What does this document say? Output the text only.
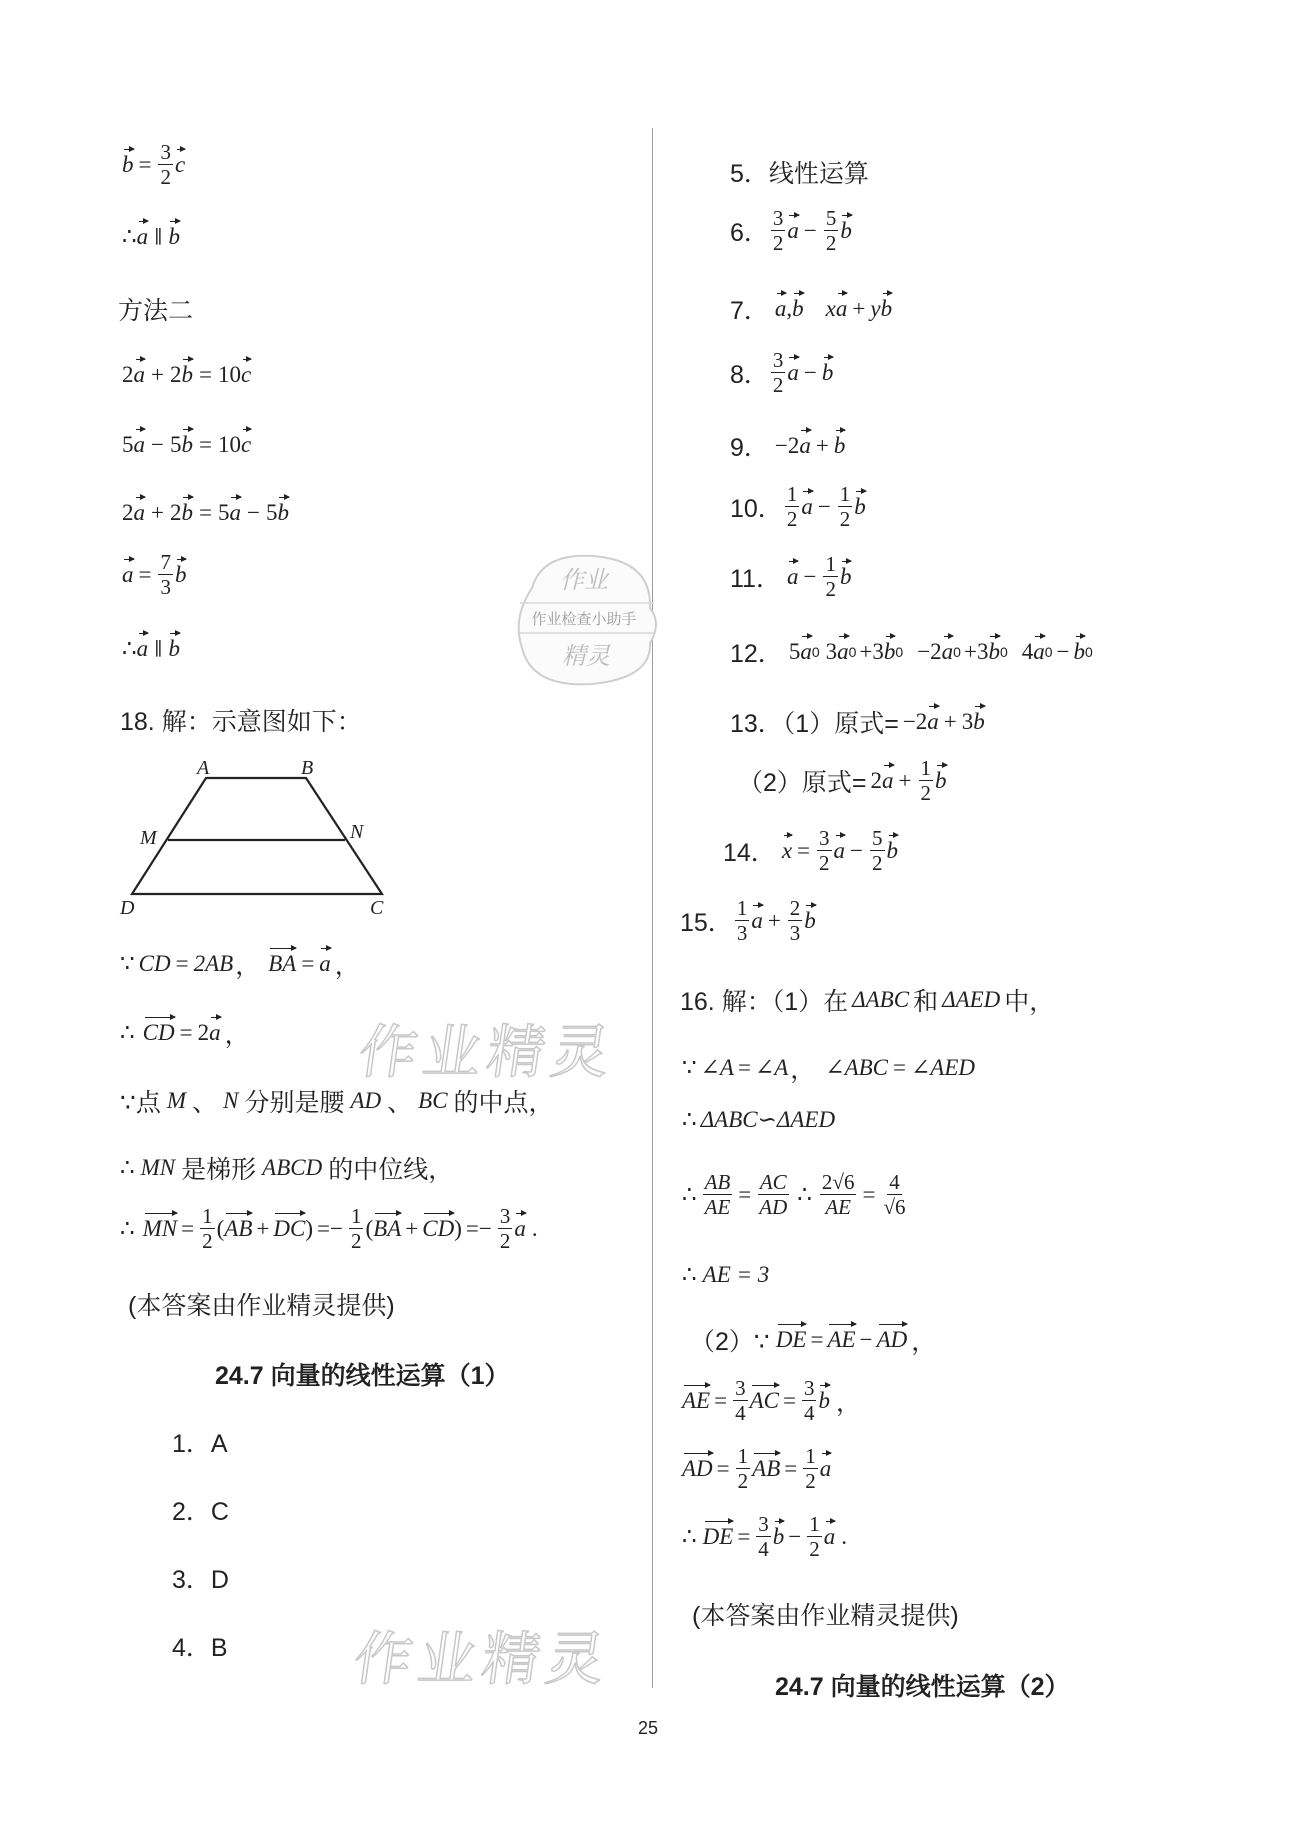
作业
作业检查小助手
精灵
作业精灵
作业精灵
$b = \frac{3}{2}$ c
∴ a ∥ b
方法二
2 a + 2 b = 10 c
5 a − 5 b = 10 c
2 a + 2 b = 5 a − 5 b
$a = \frac{7}{3}$ b
∴ a ∥ b
18. 解：示意图如下：
A	B
M	N
D	C
∵ CD = 2AB ， BA = a ，
∴ CD = 2 a ，
∵点 M 、 N 分别是腰 AD 、 BC 的中点，
∴ MN 是梯形 ABCD 的中位线，
∴ MN = $\frac{1}{2}$ ( AB + DC ) =− $\frac{1}{2}$ ( BA + CD ) =− $\frac{3}{2}$ a .
(本答案由作业精灵提供)
24.7 向量的线性运算（1）
1．A
2．C
3．D
4．B
5．线性运算
6． $\frac{3}{2}$ $a - \frac{5}{2}$ b
7． a , b x a + y b
8． $\frac{3}{2}$ a − b
9． −2 a + b
10． $\frac{1}{2}$ $a - \frac{1}{2}$ b
11． $a - \frac{1}{2}$ b
12． 5 a 0 3 a 0 +3 b 0 −2 a 0 +3 b 0 4 a 0 − b 0
13．（1）原式= −2 a + 3 b
（2）原式= 2 $a + \frac{1}{2}$ b
14． $x = \frac{3}{2}$ $a - \frac{5}{2}$ b
15． $\frac{1}{3}$ $a + \frac{2}{3}$ b
16. 解：（1）在 ΔABC 和 ΔAED 中，
∵ ∠A = ∠A ， ∠ABC = ∠AED
∴ ΔABC∽ΔAED
∴ $\frac{AB}{AE} = \frac{AC}{AD}$ ∴ $\frac{2√6}{AE} = \frac{4}{√6}$
∴ AE = 3
（2）∵ DE = AE − AD ，
AE = $\frac{3}{4}$ AC = $\frac{3}{4}$ b ，
AD = $\frac{1}{2}$ AB = $\frac{1}{2}$ a
∴ DE = $\frac{3}{4}$ $b - \frac{1}{2}$ a .
(本答案由作业精灵提供)
24.7 向量的线性运算（2）
25
